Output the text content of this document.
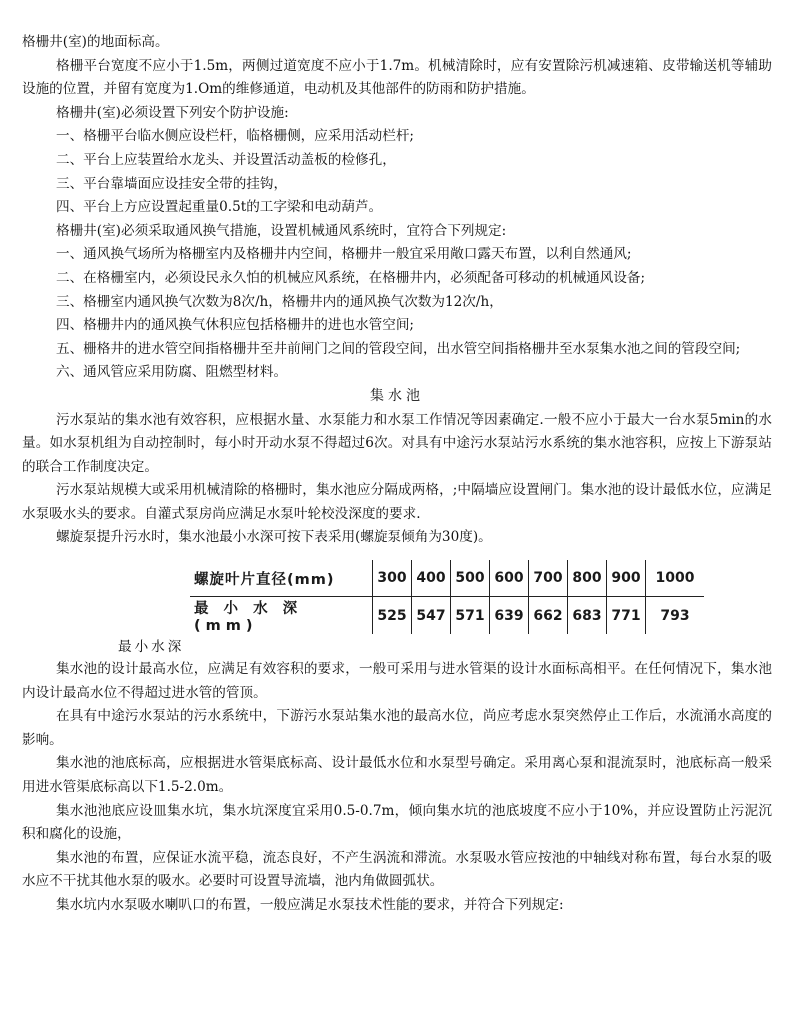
格栅井(室)的地面标高。

格栅平台宽度不应小于1.5m，两侧过道宽度不应小于1.7m。机械清除时，应有安置除污机减速箱、皮带输送机等辅助设施的位置，并留有宽度为1.Om的维修通道，电动机及其他部件的防雨和防护措施。

格栅井(室)必须设置下列安个防护设施:

一、格栅平台临水侧应设栏杆，临格栅侧，应采用活动栏杆;

二、平台上应装置给水龙头、并设置活动盖板的检修孔，

三、平台靠墙面应设挂安全带的挂钩，

四、平台上方应设置起重量0.5t的工字梁和电动葫芦。

格栅井(室)必须采取通风换气措施，设置机械通风系统时，宜符合下列规定:

一、通风换气场所为格栅室内及格栅井内空间，格栅井一般宜采用敞口露天布置，以利自然通风;

二、在格栅室内，必须设民永久怕的机械应风系统，在格栅井内，必须配备可移动的机械通风设备;

三、格栅室内通风换气次数为8次/h，格栅井内的通风换气次数为12次/h，

四、格栅井内的通风换气休积应包括格栅井的进也水管空间;

五、栅格井的进水管空间指格栅井至井前闸门之间的管段空间，出水管空间指格栅井至水泵集水池之间的管段空间;

六、通风管应采用防腐、阻燃型材料。

集水池

污水泵站的集水池有效容积，应根据水量、水泵能力和水泵工作情况等因素确定.一般不应小于最大一台水泵5min的水量。如水泵机组为自动控制时，每小时开动水泵不得超过6次。对具有中途污水泵站污水系统的集水池容积，应按上下游泵站的联合工作制度决定。

污水泵站规模大或采用机械清除的格栅时，集水池应分隔成两格，;中隔墙应设置闸门。集水池的设计最低水位，应满足水泵吸水头的要求。自灌式泵房尚应满足水泵叶轮校没深度的要求.

螺旋泵提升污水时，集水池最小水深可按下表采用(螺旋泵倾角为30度)。

螺旋叶片直径(mm)	300	400	500	600	700	800	900	1000
最 小 水 深 (mm)	525	547	571	639	662	683	771	793

最小水深

集水池的设计最高水位，应满足有效容积的要求，一般可采用与进水管渠的设计水面标高相平。在任何情况下，集水池内设计最高水位不得超过进水管的管顶。

在具有中途污水泵站的污水系统中，下游污水泵站集水池的最高水位，尚应考虑水泵突然停止工作后，水流涌水高度的影响。

集水池的池底标高，应根据进水管渠底标高、设计最低水位和水泵型号确定。采用离心泵和混流泵时，池底标高一般采用进水管渠底标高以下1.5-2.0m。

集水池池底应设皿集水坑，集水坑深度宜采用0.5-0.7m，倾向集水坑的池底坡度不应小于10%，并应设置防止污泥沉积和腐化的设施，

集水池的布置，应保证水流平稳，流态良好，不产生涡流和滞流。水泵吸水管应按池的中轴线对称布置，每台水泵的吸水应不干扰其他水泵的吸水。必要时可设置导流墙，池内角做圆弧状。

集水坑内水泵吸水喇叭口的布置，一般应满足水泵技术性能的要求，并符合下列规定:
